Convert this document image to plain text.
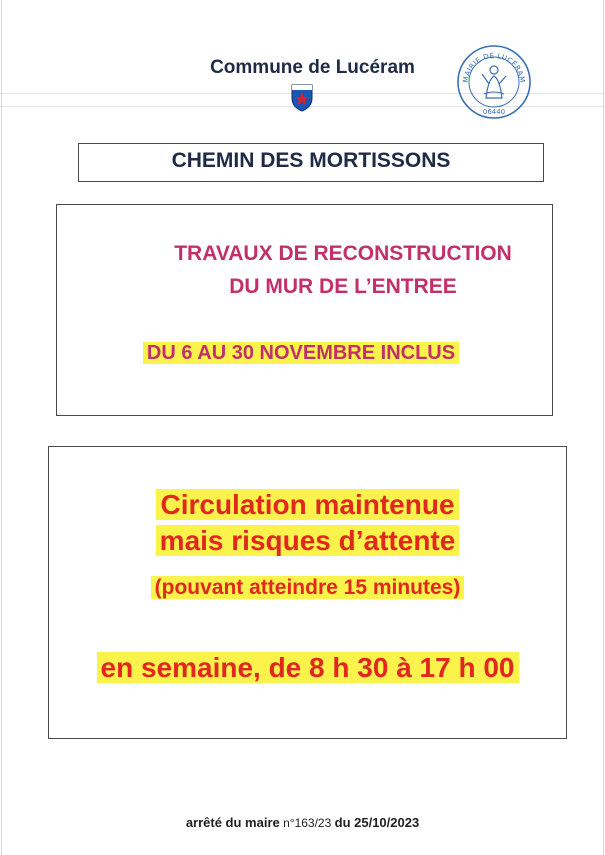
Commune de Lucéram
MAIRIE DE LUCÉRAM
06440
CHEMIN DES MORTISSONS
TRAVAUX DE RECONSTRUCTION
DU MUR DE L’ENTREE
DU 6 AU 30 NOVEMBRE INCLUS
Circulation maintenue
mais risques d’attente
(pouvant atteindre 15 minutes)
en semaine, de 8 h 30 à 17 h 00
arrêté du maire n°163/23 du 25/10/2023
